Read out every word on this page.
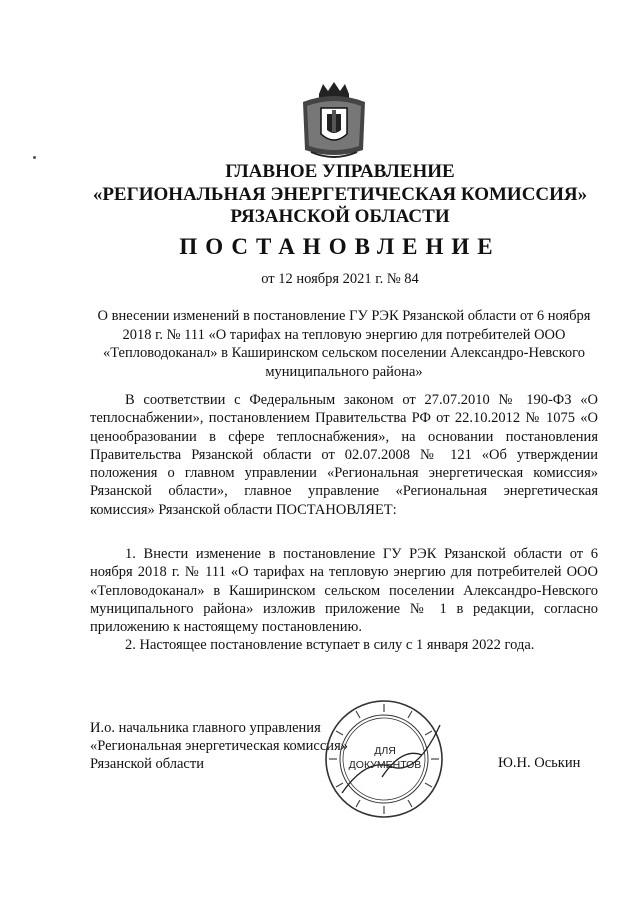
ГЛАВНОЕ УПРАВЛЕНИЕ
«РЕГИОНАЛЬНАЯ ЭНЕРГЕТИЧЕСКАЯ КОМИССИЯ»
РЯЗАНСКОЙ ОБЛАСТИ
ПОСТАНОВЛЕНИЕ
от 12 ноября 2021 г. № 84
О внесении изменений в постановление ГУ РЭК Рязанской области от 6 ноября 2018 г. № 111 «О тарифах на тепловую энергию для потребителей ООО «Тепловодоканал» в Каширинском сельском поселении Александро-Невского муниципального района»
В соответствии с Федеральным законом от 27.07.2010 № 190-ФЗ «О теплоснабжении», постановлением Правительства РФ от 22.10.2012 № 1075 «О ценообразовании в сфере теплоснабжения», на основании постановления Правительства Рязанской области от 02.07.2008 № 121 «Об утверждении положения о главном управлении «Региональная энергетическая комиссия» Рязанской области», главное управление «Региональная энергетическая комиссия» Рязанской области ПОСТАНОВЛЯЕТ:
1. Внести изменение в постановление ГУ РЭК Рязанской области от 6 ноября 2018 г. № 111 «О тарифах на тепловую энергию для потребителей ООО «Тепловодоканал» в Каширинском сельском поселении Александро-Невского муниципального района» изложив приложение № 1 в редакции, согласно приложению к настоящему постановлению.
2. Настоящее постановление вступает в силу с 1 января 2022 года.
И.о. начальника главного управления
«Региональная энергетическая комиссия»
Рязанской области
ДЛЯ
ДОКУМЕНТОВ	Ю.Н. Оськин
